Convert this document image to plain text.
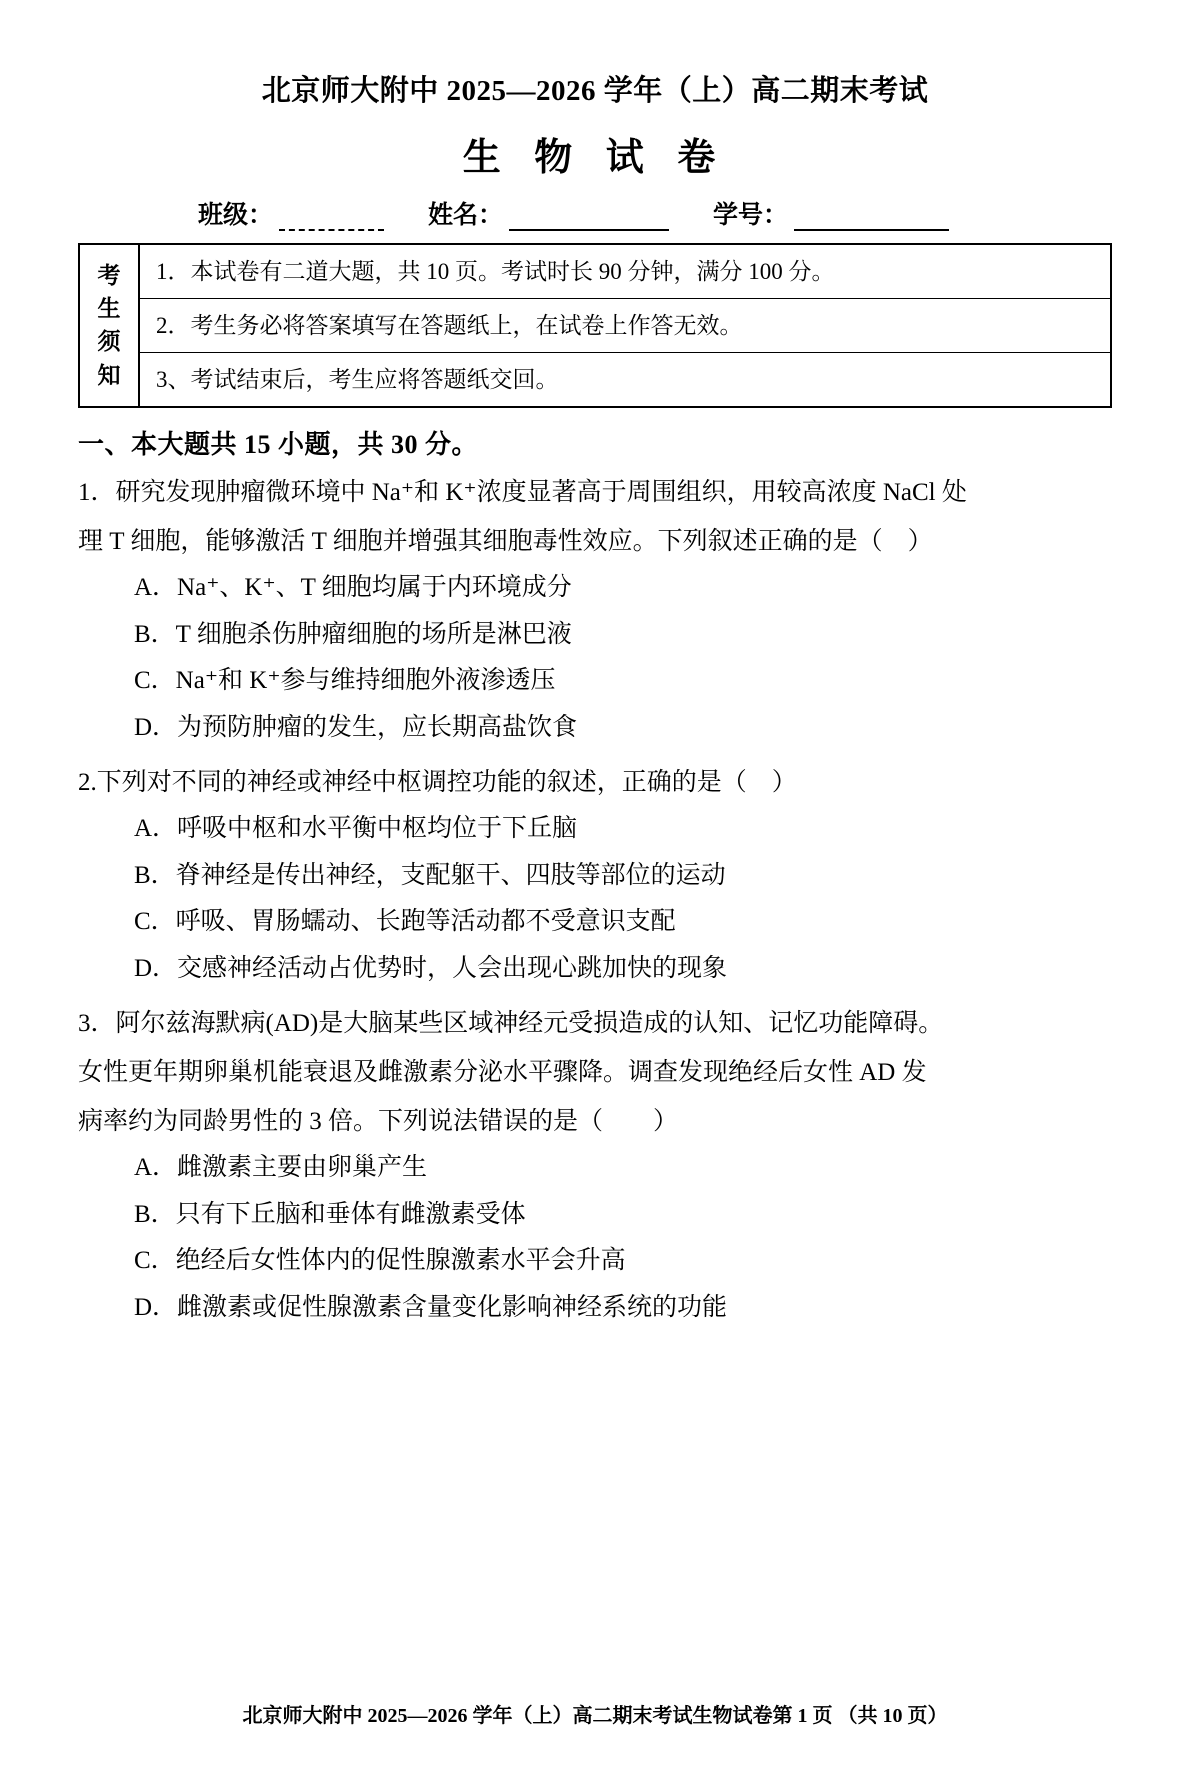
北京师大附中 2025—2026 学年（上）高二期末考试
生 物 试 卷
班级：	姓名：	学号：
考
生
须
知
1．本试卷有二道大题，共 10 页。考试时长 90 分钟，满分 100 分。
2．考生务必将答案填写在答题纸上，在试卷上作答无效。
3、考试结束后，考生应将答题纸交回。
一、本大题共 15 小题，共 30 分。
1．研究发现肿瘤微环境中 Na⁺和 K⁺浓度显著高于周围组织，用较高浓度 NaCl 处
理 T 细胞，能够激活 T 细胞并增强其细胞毒性效应。下列叙述正确的是（　）
A．Na⁺、K⁺、T 细胞均属于内环境成分
B．T 细胞杀伤肿瘤细胞的场所是淋巴液
C．Na⁺和 K⁺参与维持细胞外液渗透压
D．为预防肿瘤的发生，应长期高盐饮食
2.下列对不同的神经或神经中枢调控功能的叙述，正确的是（　）
A．呼吸中枢和水平衡中枢均位于下丘脑
B．脊神经是传出神经，支配躯干、四肢等部位的运动
C．呼吸、胃肠蠕动、长跑等活动都不受意识支配
D．交感神经活动占优势时，人会出现心跳加快的现象
3．阿尔兹海默病(AD)是大脑某些区域神经元受损造成的认知、记忆功能障碍。
女性更年期卵巢机能衰退及雌激素分泌水平骤降。调查发现绝经后女性 AD 发
病率约为同龄男性的 3 倍。下列说法错误的是（　　）
A．雌激素主要由卵巢产生
B．只有下丘脑和垂体有雌激素受体
C．绝经后女性体内的促性腺激素水平会升高
D．雌激素或促性腺激素含量变化影响神经系统的功能
北京师大附中 2025—2026 学年（上）高二期末考试生物试卷第 1 页 （共 10 页）
